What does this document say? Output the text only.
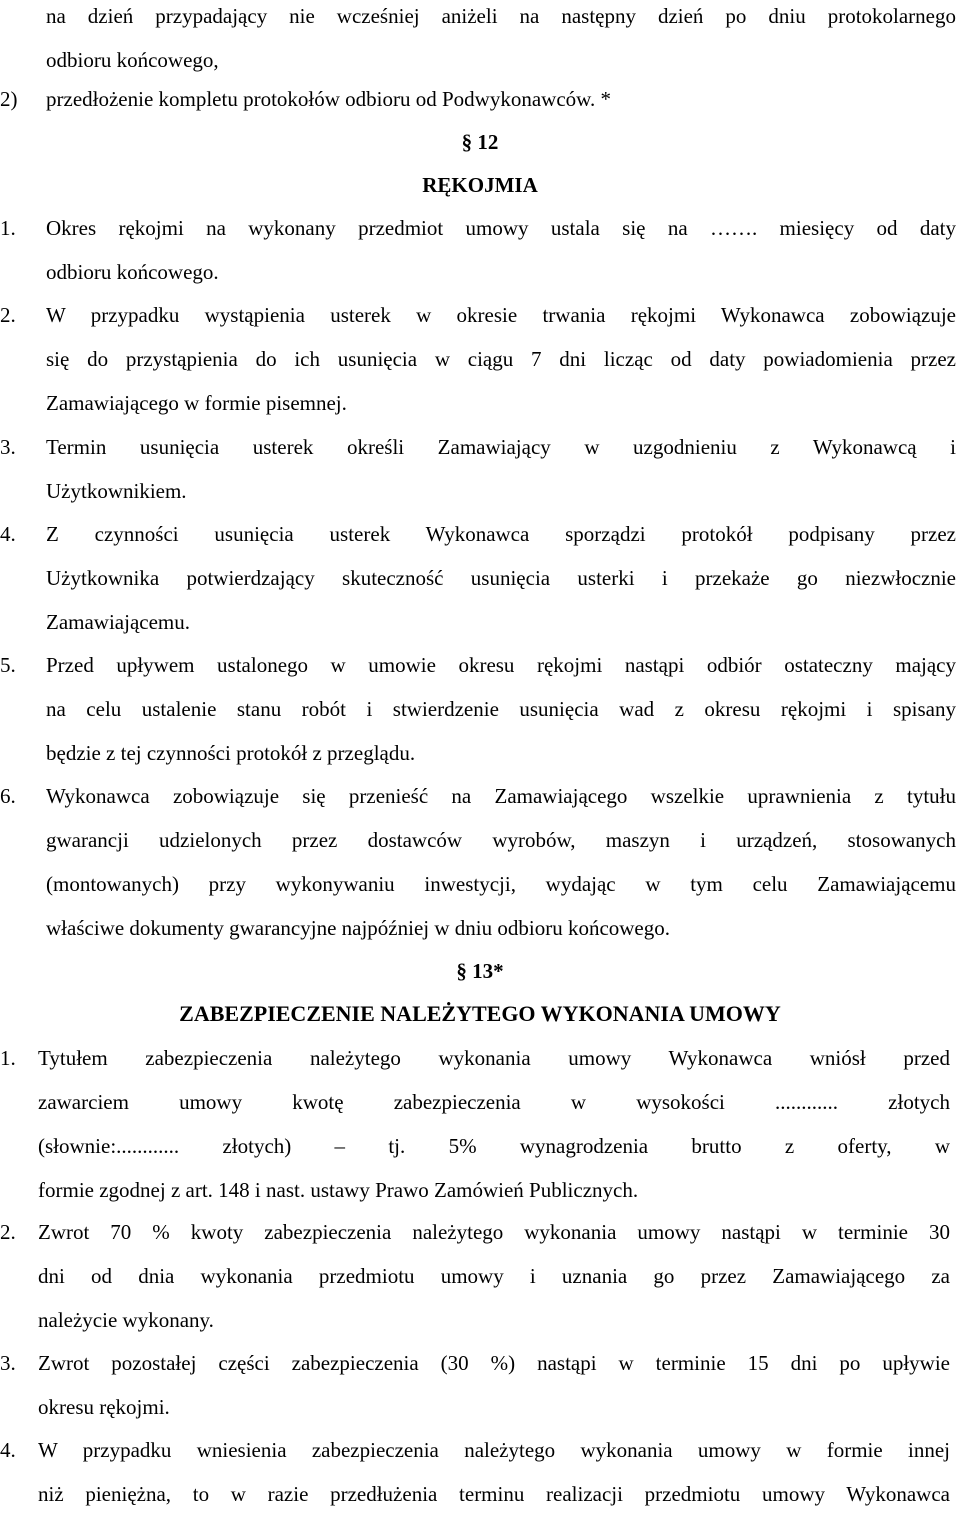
na dzień przypadający nie wcześniej aniżeli na następny dzień po dniu protokolarnego
odbioru końcowego,
2) przedłożenie kompletu protokołów odbioru od Podwykonawców. *
§ 12
RĘKOJMIA
1. Okres rękojmi na wykonany przedmiot umowy ustala się na ……. miesięcy od daty
odbioru końcowego.
2. W przypadku wystąpienia usterek w okresie trwania rękojmi Wykonawca zobowiązuje
się do przystąpienia do ich usunięcia w ciągu 7 dni licząc od daty powiadomienia przez
Zamawiającego w formie pisemnej.
3. Termin usunięcia usterek określi Zamawiający w uzgodnieniu z Wykonawcą i
Użytkownikiem.
4. Z czynności usunięcia usterek Wykonawca sporządzi protokół podpisany przez
Użytkownika potwierdzający skuteczność usunięcia usterki i przekaże go niezwłocznie
Zamawiającemu.
5. Przed upływem ustalonego w umowie okresu rękojmi nastąpi odbiór ostateczny mający
na celu ustalenie stanu robót i stwierdzenie usunięcia wad z okresu rękojmi i spisany
będzie z tej czynności protokół z przeglądu.
6. Wykonawca zobowiązuje się przenieść na Zamawiającego wszelkie uprawnienia z tytułu
gwarancji udzielonych przez dostawców wyrobów, maszyn i urządzeń, stosowanych
(montowanych) przy wykonywaniu inwestycji, wydając w tym celu Zamawiającemu
właściwe dokumenty gwarancyjne najpóźniej w dniu odbioru końcowego.
§ 13*
ZABEZPIECZENIE NALEŻYTEGO WYKONANIA UMOWY
1. Tytułem zabezpieczenia należytego wykonania umowy Wykonawca wniósł przed
zawarciem umowy kwotę zabezpieczenia w wysokości ............ złotych
(słownie:............ złotych) – tj. 5% wynagrodzenia brutto z oferty, w
formie zgodnej z art. 148 i nast. ustawy Prawo Zamówień Publicznych.
2. Zwrot 70 % kwoty zabezpieczenia należytego wykonania umowy nastąpi w terminie 30
dni od dnia wykonania przedmiotu umowy i uznania go przez Zamawiającego za
należycie wykonany.
3. Zwrot pozostałej części zabezpieczenia (30 %) nastąpi w terminie 15 dni po upływie
okresu rękojmi.
4. W przypadku wniesienia zabezpieczenia należytego wykonania umowy w formie innej
niż pieniężna, to w razie przedłużenia terminu realizacji przedmiotu umowy Wykonawca
